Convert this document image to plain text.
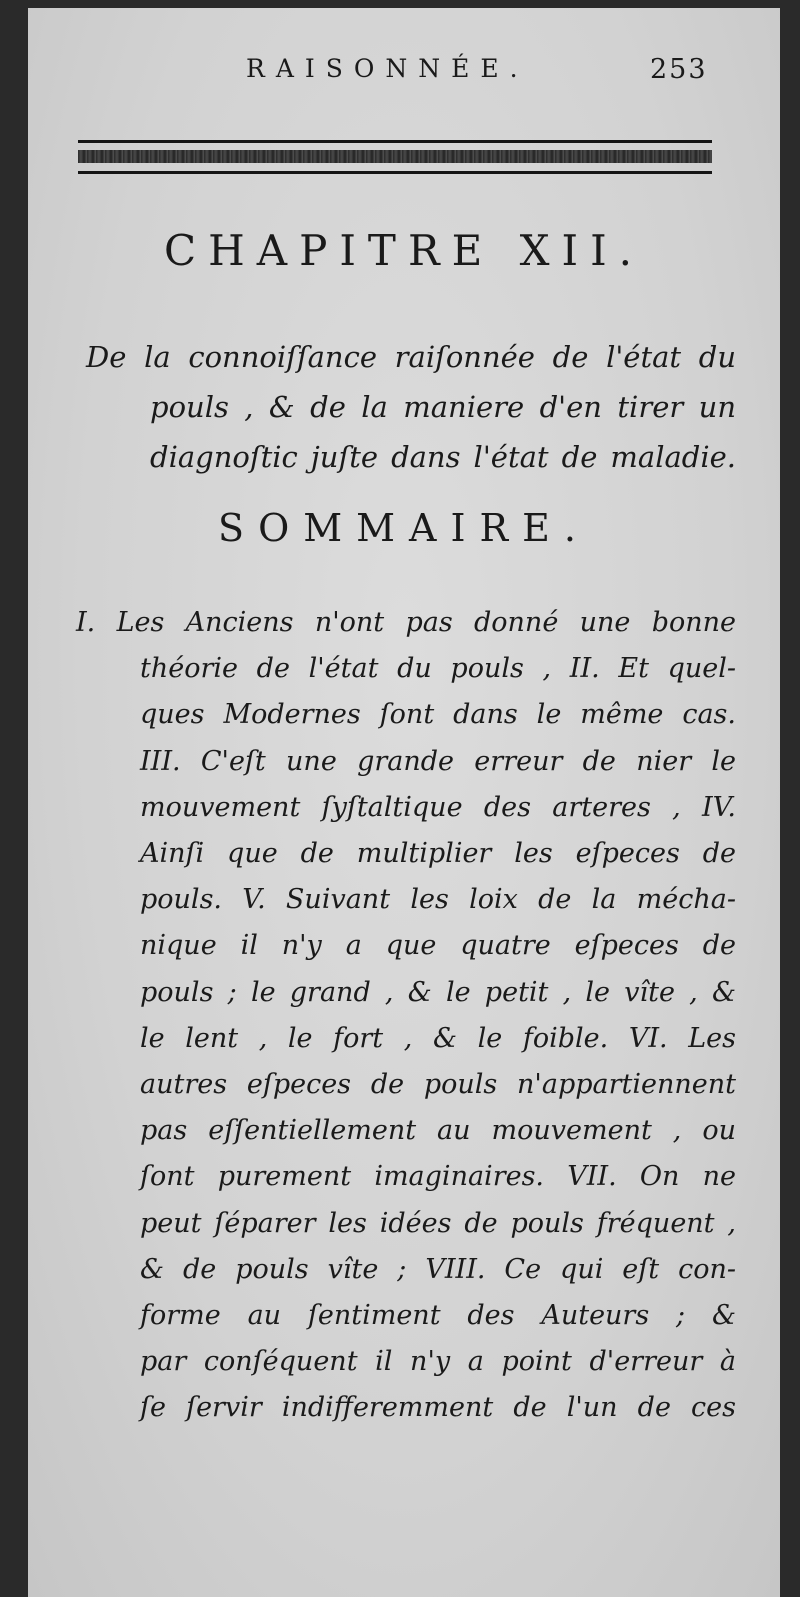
RAISONNÉE.	253
CHAPITRE XII.
De la connoiſſance raiſonnée de l'état du
pouls , & de la maniere d'en tirer un
diagnoſtic juſte dans l'état de maladie.
SOMMAIRE.
I. Les Anciens n'ont pas donné une bonne
théorie de l'état du pouls , II. Et quel-
ques Modernes ſont dans le même cas.
III. C'eſt une grande erreur de nier le
mouvement ſyſtaltique des arteres , IV.
Ainſi que de multiplier les eſpeces de
pouls. V. Suivant les loix de la mécha-
nique il n'y a que quatre eſpeces de
pouls ; le grand , & le petit , le vîte , &
le lent , le fort , & le foible. VI. Les
autres eſpeces de pouls n'appartiennent
pas eſſentiellement au mouvement , ou
ſont purement imaginaires. VII. On ne
peut ſéparer les idées de pouls fréquent ,
& de pouls vîte ; VIII. Ce qui eſt con-
forme au ſentiment des Auteurs ; &
par conſéquent il n'y a point d'erreur à
ſe ſervir indifferemment de l'un de ces
